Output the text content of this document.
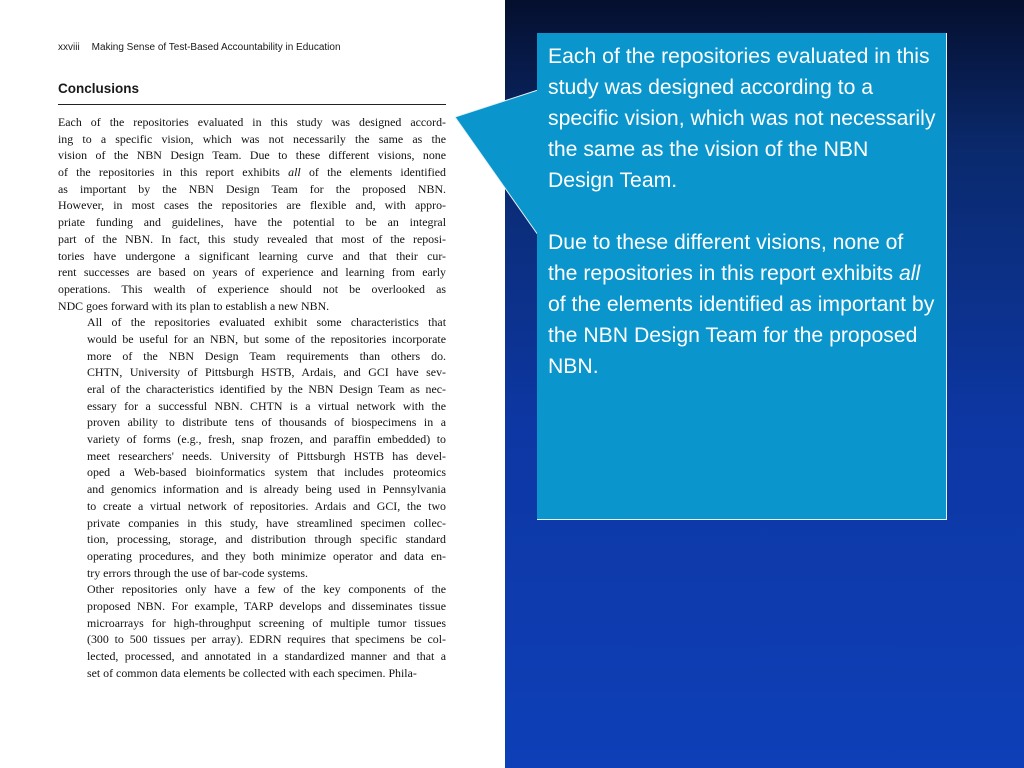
xxviii Making Sense of Test-Based Accountability in Education
Conclusions

Each of the repositories evaluated in this study was designed accord-
ing to a specific vision, which was not necessarily the same as the
vision of the NBN Design Team. Due to these different visions, none
of the repositories in this report exhibits all of the elements identified
as important by the NBN Design Team for the proposed NBN.
However, in most cases the repositories are flexible and, with appro-
priate funding and guidelines, have the potential to be an integral
part of the NBN. In fact, this study revealed that most of the reposi-
tories have undergone a significant learning curve and that their cur-
rent successes are based on years of experience and learning from early
operations. This wealth of experience should not be overlooked as
NDC goes forward with its plan to establish a new NBN.

All of the repositories evaluated exhibit some characteristics that
would be useful for an NBN, but some of the repositories incorporate
more of the NBN Design Team requirements than others do.
CHTN, University of Pittsburgh HSTB, Ardais, and GCI have sev-
eral of the characteristics identified by the NBN Design Team as nec-
essary for a successful NBN. CHTN is a virtual network with the
proven ability to distribute tens of thousands of biospecimens in a
variety of forms (e.g., fresh, snap frozen, and paraffin embedded) to
meet researchers' needs. University of Pittsburgh HSTB has devel-
oped a Web-based bioinformatics system that includes proteomics
and genomics information and is already being used in Pennsylvania
to create a virtual network of repositories. Ardais and GCI, the two
private companies in this study, have streamlined specimen collec-
tion, processing, storage, and distribution through specific standard
operating procedures, and they both minimize operator and data en-
try errors through the use of bar-code systems.

Other repositories only have a few of the key components of the
proposed NBN. For example, TARP develops and disseminates tissue
microarrays for high-throughput screening of multiple tumor tissues
(300 to 500 tissues per array). EDRN requires that specimens be col-
lected, processed, and annotated in a standardized manner and that a
set of common data elements be collected with each specimen. Phila-

Each of the repositories evaluated in this study was designed according to a specific vision, which was not necessarily the same as the vision of the NBN Design Team.

Due to these different visions, none of the repositories in this report exhibits all of the elements identified as important by the NBN Design Team for the proposed NBN.
